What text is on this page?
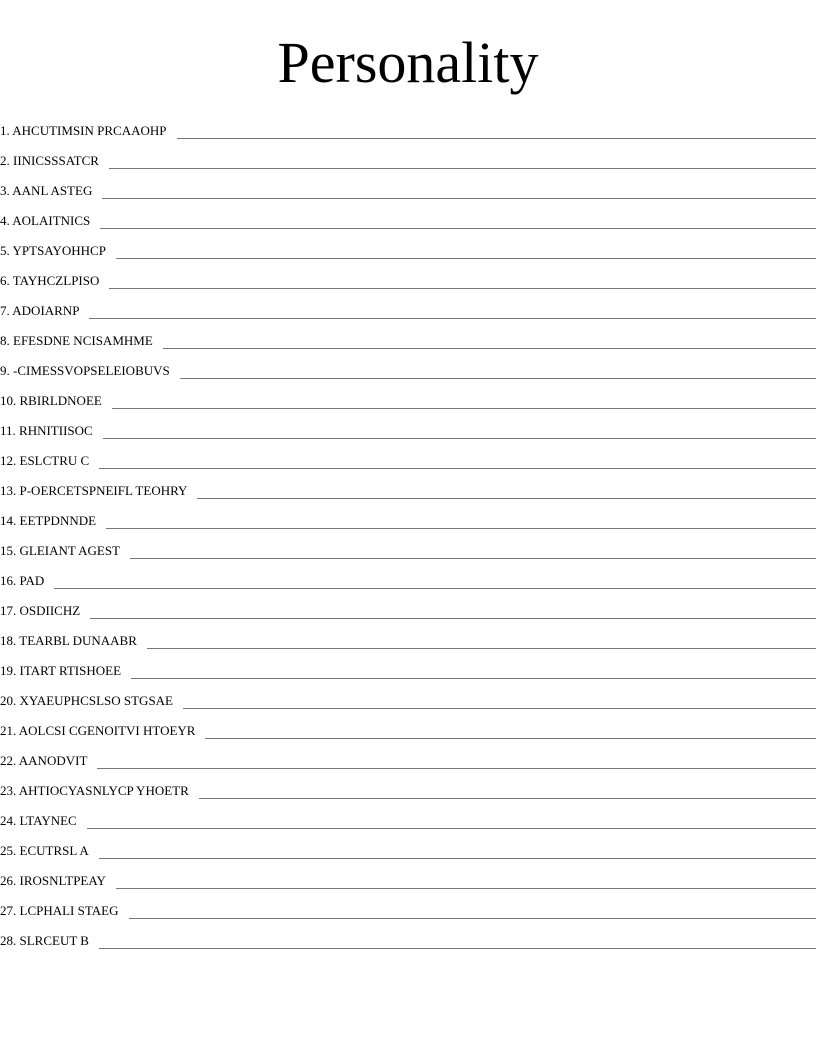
Personality
1. AHCUTIMSIN PRCAAOHP
2. IINICSSSATCR
3. AANL ASTEG
4. AOLAITNICS
5. YPTSAYOHHCP
6. TAYHCZLPISO
7. ADOIARNP
8. EFESDNE NCISAMHME
9. -CIMESSVOPSELEIOBUVS
10. RBIRLDNOEE
11. RHNITIISOC
12. ESLCTRU C
13. P-OERCETSPNEIFL TEOHRY
14. EETPDNNDE
15. GLEIANT AGEST
16. PAD
17. OSDIICHZ
18. TEARBL DUNAABR
19. ITART RTISHOEE
20. XYAEUPHCSLSO STGSAE
21. AOLCSI CGENOITVI HTOEYR
22. AANODVIT
23. AHTIOCYASNLYCP YHOETR
24. LTAYNEC
25. ECUTRSL A
26. IROSNLTPEAY
27. LCPHALI STAEG
28. SLRCEUT B
